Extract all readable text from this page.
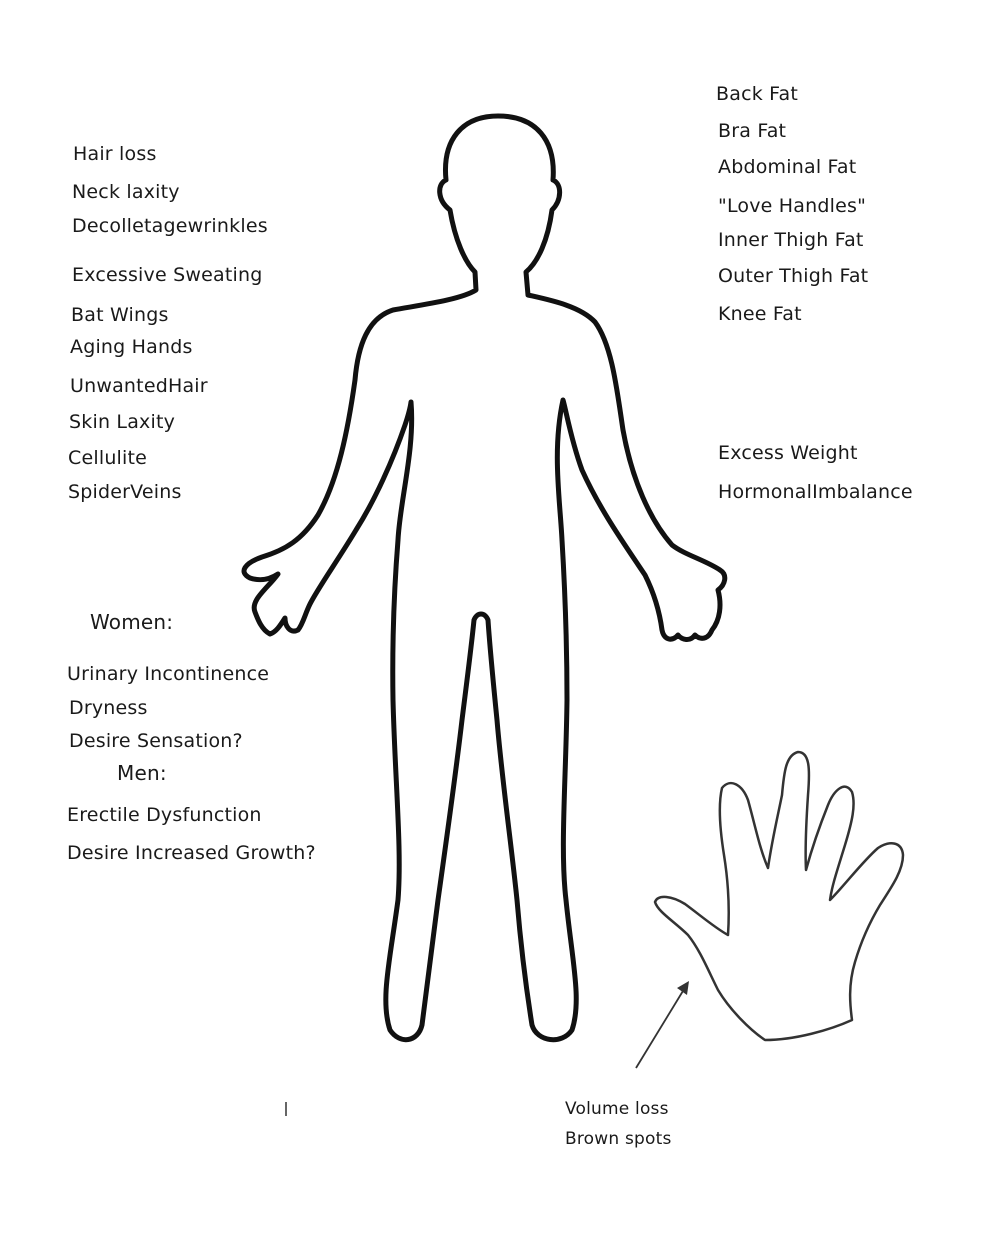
Hair loss
Neck laxity
Decolletagewrinkles
Excessive Sweating
Bat Wings
Aging Hands
UnwantedHair
Skin Laxity
Cellulite
SpiderVeins
Women:
Urinary Incontinence
Dryness
Desire Sensation?
Men:
Erectile Dysfunction
Desire Increased Growth?
Back Fat
Bra Fat
Abdominal Fat
"Love Handles"
Inner Thigh Fat
Outer Thigh Fat
Knee Fat
Excess Weight
HormonalImbalance
Volume loss
Brown spots
